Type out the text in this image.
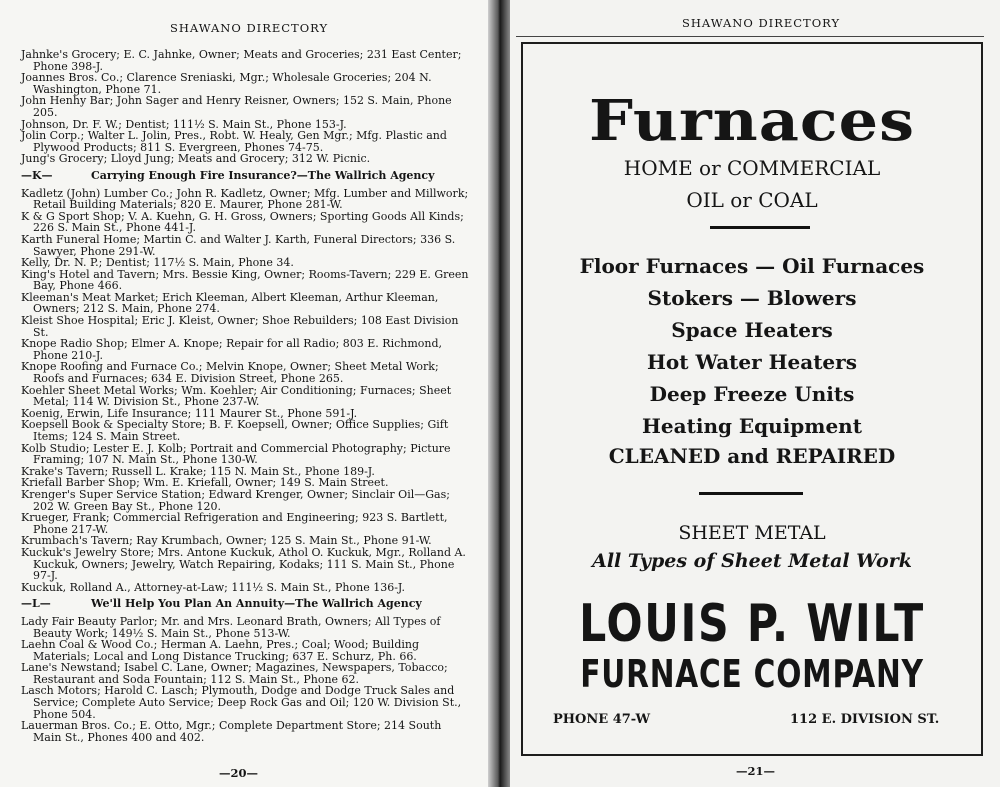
SHAWANO DIRECTORY

Jahnke's Grocery; E. C. Jahnke, Owner; Meats and Groceries; 231 East Center; Phone 398-J.

Joannes Bros. Co.; Clarence Sreniaski, Mgr.; Wholesale Groceries; 204 N. Washington, Phone 71.

John Henhy Bar; John Sager and Henry Reisner, Owners; 152 S. Main, Phone 205.

Johnson, Dr. F. W.; Dentist; 111½ S. Main St., Phone 153-J.

Jolin Corp.; Walter L. Jolin, Pres., Robt. W. Healy, Gen Mgr.; Mfg. Plastic and Plywood Products; 811 S. Evergreen, Phones 74-75.

Jung's Grocery; Lloyd Jung; Meats and Grocery; 312 W. Picnic.

—K—	Carrying Enough Fire Insurance?—The Wallrich Agency

Kadletz (John) Lumber Co.; John R. Kadletz, Owner; Mfg. Lumber and Millwork; Retail Building Materials; 820 E. Maurer, Phone 281-W.

K & G Sport Shop; V. A. Kuehn, G. H. Gross, Owners; Sporting Goods All Kinds; 226 S. Main St., Phone 441-J.

Karth Funeral Home; Martin C. and Walter J. Karth, Funeral Directors; 336 S. Sawyer, Phone 291-W.

Kelly, Dr. N. P.; Dentist; 117½ S. Main, Phone 34.

King's Hotel and Tavern; Mrs. Bessie King, Owner; Rooms-Tavern; 229 E. Green Bay, Phone 466.

Kleeman's Meat Market; Erich Kleeman, Albert Kleeman, Arthur Kleeman, Owners; 212 S. Main, Phone 274.

Kleist Shoe Hospital; Eric J. Kleist, Owner; Shoe Rebuilders; 108 East Division St.

Knope Radio Shop; Elmer A. Knope; Repair for all Radio; 803 E. Richmond, Phone 210-J.

Knope Roofing and Furnace Co.; Melvin Knope, Owner; Sheet Metal Work; Roofs and Furnaces; 634 E. Division Street, Phone 265.

Koehler Sheet Metal Works; Wm. Koehler; Air Conditioning; Furnaces; Sheet Metal; 114 W. Division St., Phone 237-W.

Koenig, Erwin, Life Insurance; 111 Maurer St., Phone 591-J.

Koepsell Book & Specialty Store; B. F. Koepsell, Owner; Office Supplies; Gift Items; 124 S. Main Street.

Kolb Studio; Lester E. J. Kolb; Portrait and Commercial Photography; Picture Framing; 107 N. Main St., Phone 130-W.

Krake's Tavern; Russell L. Krake; 115 N. Main St., Phone 189-J.

Kriefall Barber Shop; Wm. E. Kriefall, Owner; 149 S. Main Street.

Krenger's Super Service Station; Edward Krenger, Owner; Sinclair Oil—Gas; 202 W. Green Bay St., Phone 120.

Krueger, Frank; Commercial Refrigeration and Engineering; 923 S. Bartlett, Phone 217-W.

Krumbach's Tavern; Ray Krumbach, Owner; 125 S. Main St., Phone 91-W.

Kuckuk's Jewelry Store; Mrs. Antone Kuckuk, Athol O. Kuckuk, Mgr., Rolland A. Kuckuk, Owners; Jewelry, Watch Repairing, Kodaks; 111 S. Main St., Phone 97-J.

Kuckuk, Rolland A., Attorney-at-Law; 111½ S. Main St., Phone 136-J.

—L—	We'll Help You Plan An Annuity—The Wallrich Agency

Lady Fair Beauty Parlor; Mr. and Mrs. Leonard Brath, Owners; All Types of Beauty Work; 149½ S. Main St., Phone 513-W.

Laehn Coal & Wood Co.; Herman A. Laehn, Pres.; Coal; Wood; Building Materials; Local and Long Distance Trucking; 637 E. Schurz, Ph. 66.

Lane's Newstand; Isabel C. Lane, Owner; Magazines, Newspapers, Tobacco; Restaurant and Soda Fountain; 112 S. Main St., Phone 62.

Lasch Motors; Harold C. Lasch; Plymouth, Dodge and Dodge Truck Sales and Service; Complete Auto Service; Deep Rock Gas and Oil; 120 W. Division St., Phone 504.

Lauerman Bros. Co.; E. Otto, Mgr.; Complete Department Store; 214 South Main St., Phones 400 and 402.

—20—
SHAWANO DIRECTORY
Furnaces
HOME or COMMERCIAL
OIL or COAL
Floor Furnaces — Oil Furnaces
Stokers — Blowers
Space Heaters
Hot Water Heaters
Deep Freeze Units
Heating Equipment
CLEANED and REPAIRED
SHEET METAL
All Types of Sheet Metal Work
LOUIS P. WILT
FURNACE COMPANY
PHONE 47-W	112 E. DIVISION ST.
—21—
